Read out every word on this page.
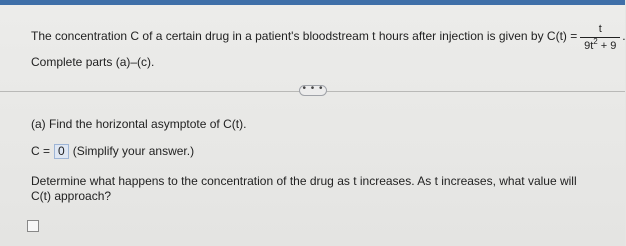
The concentration C of a certain drug in a patient's bloodstream t hours after injection is given by $C(t) = \frac{t}{9t^2 + 9}$ .
Complete parts (a)–(c).
• • •
(a) Find the horizontal asymptote of C(t).
C = 0 (Simplify your answer.)
Determine what happens to the concentration of the drug as t increases. As t increases, what value will C(t) approach?
